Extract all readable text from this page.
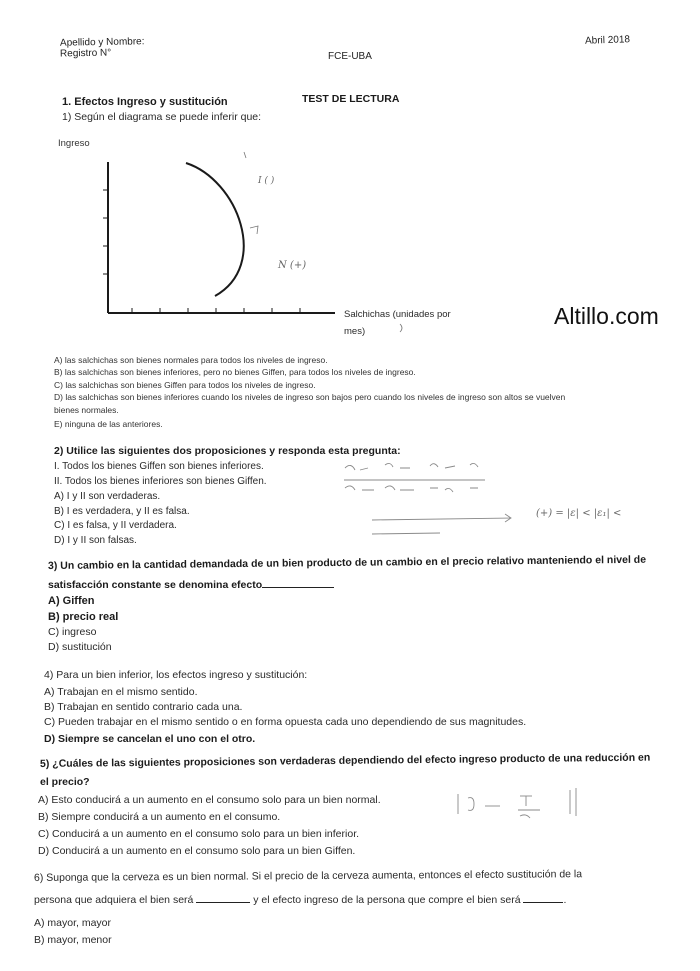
Apellido y Nombre:
Registro N°	FCE-UBA
Abril 2018
TEST DE LECTURA
1. Efectos Ingreso y sustitución
1) Según el diagrama se puede inferir que:
Ingreso
I ( )
N (+)
Salchichas (unidades por
mes)
Altillo.com
A) las salchichas son bienes normales para todos los niveles de ingreso.
B) las salchichas son bienes inferiores, pero no bienes Giffen, para todos los niveles de ingreso.
C) las salchichas son bienes Giffen para todos los niveles de ingreso.
D) las salchichas son bienes inferiores cuando los niveles de ingreso son bajos pero cuando los niveles de ingreso son altos se vuelven
bienes normales.
E) ninguna de las anteriores.
2) Utilice las siguientes dos proposiciones y responda esta pregunta:
I. Todos los bienes Giffen son bienes inferiores.
II. Todos los bienes inferiores son bienes Giffen.
A) I y II son verdaderas.
B) I es verdadera, y II es falsa.
C) I es falsa, y II verdadera.
D) I y II son falsas.
(+) = |ε| < |ε₁| <
3) Un cambio en la cantidad demandada de un bien producto de un cambio en el precio relativo manteniendo el nivel de
satisfacción constante se denomina efecto
A) Giffen
B) precio real
C) ingreso
D) sustitución
4) Para un bien inferior, los efectos ingreso y sustitución:
A) Trabajan en el mismo sentido.
B) Trabajan en sentido contrario cada una.
C) Pueden trabajar en el mismo sentido o en forma opuesta cada uno dependiendo de sus magnitudes.
D) Siempre se cancelan el uno con el otro.
5) ¿Cuáles de las siguientes proposiciones son verdaderas dependiendo del efecto ingreso producto de una reducción en
el precio?
A) Esto conducirá a un aumento en el consumo solo para un bien normal.
B) Siempre conducirá a un aumento en el consumo.
C) Conducirá a un aumento en el consumo solo para un bien inferior.
D) Conducirá a un aumento en el consumo solo para un bien Giffen.
6) Suponga que la cerveza es un bien normal. Si el precio de la cerveza aumenta, entonces el efecto sustitución de la
persona que adquiera el bien será	y el efecto ingreso de la persona que compre el bien será	.
A) mayor, mayor
B) mayor, menor
